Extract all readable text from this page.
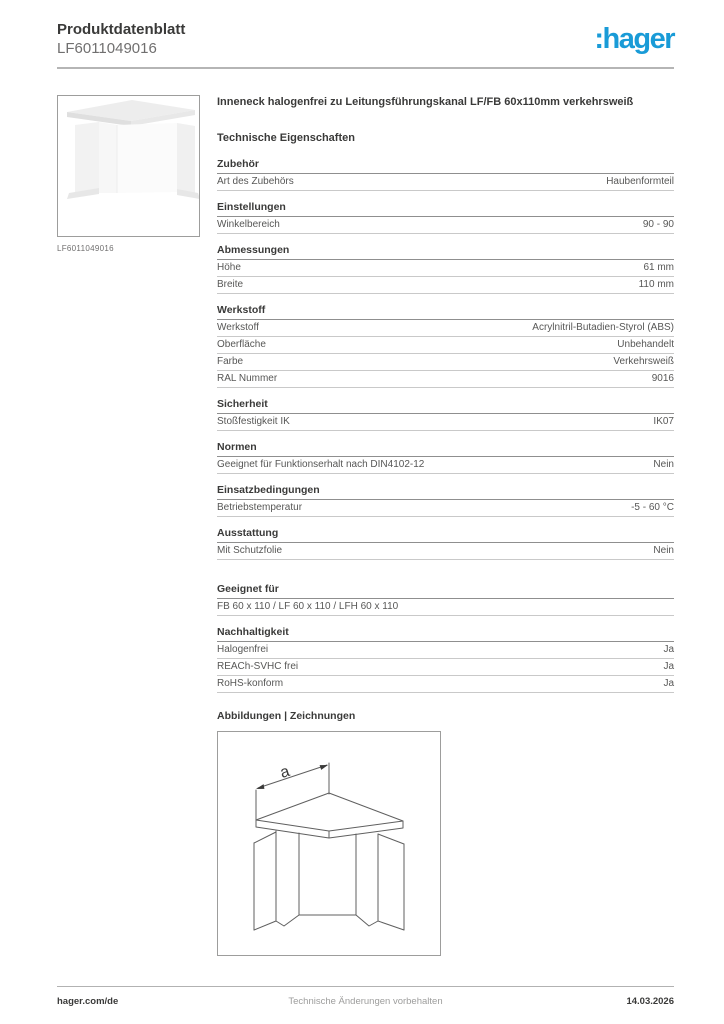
Produktdatenblatt
LF6011049016	:hager
LF6011049016
Inneneck halogenfrei zu Leitungsführungskanal LF/FB 60x110mm verkehrsweiß
Technische Eigenschaften
Zubehör
Art des Zubehörs	Haubenformteil
Einstellungen
Winkelbereich	90 - 90
Abmessungen
Höhe	61 mm
Breite	110 mm
Werkstoff
Werkstoff	Acrylnitril-Butadien-Styrol (ABS)
Oberfläche	Unbehandelt
Farbe	Verkehrsweiß
RAL Nummer	9016
Sicherheit
Stoßfestigkeit IK	IK07
Normen
Geeignet für Funktionserhalt nach DIN4102-12	Nein
Einsatzbedingungen
Betriebstemperatur	-5 - 60 °C
Ausstattung
Mit Schutzfolie	Nein
Geeignet für
FB 60 x 110 / LF 60 x 110 / LFH 60 x 110
Nachhaltigkeit
Halogenfrei	Ja
REACh-SVHC frei	Ja
RoHS-konform	Ja
Abbildungen | Zeichnungen
a
hager.com/de	Technische Änderungen vorbehalten	14.03.2026
